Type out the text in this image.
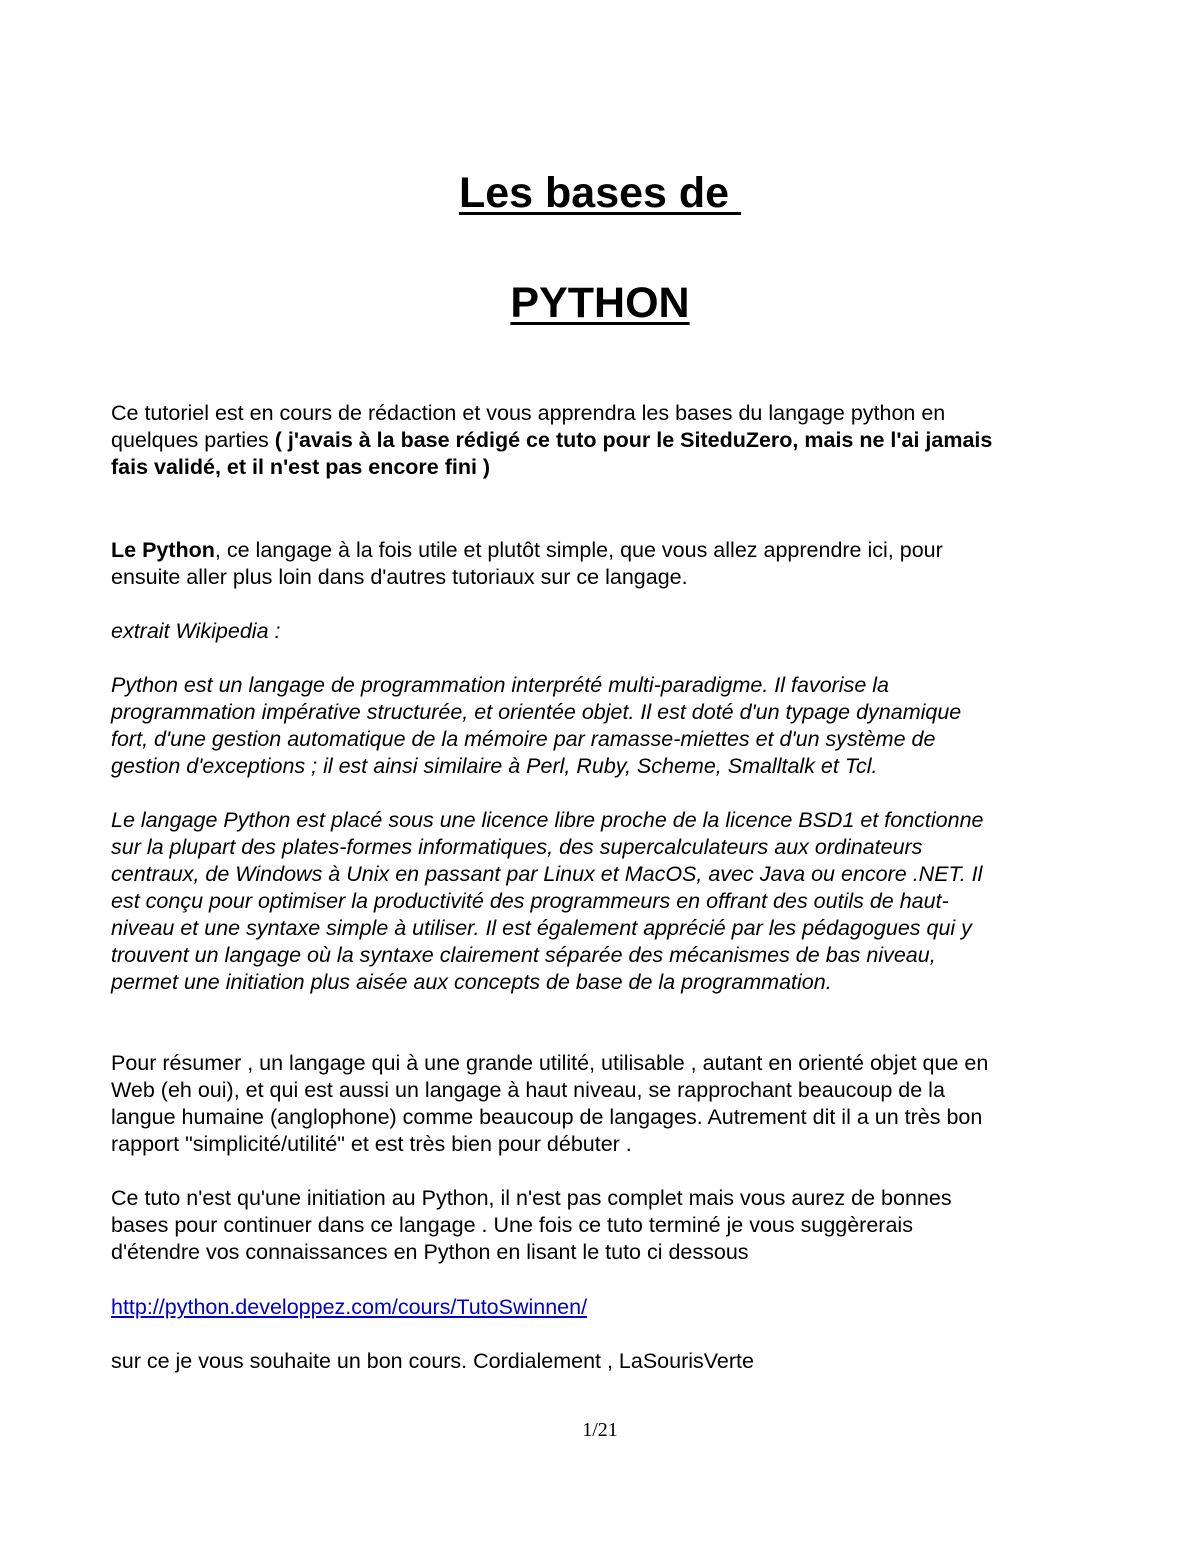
Les bases de
PYTHON

Ce tutoriel est en cours de rédaction et vous apprendra les bases du langage python en
quelques parties ( j'avais à la base rédigé ce tuto pour le SiteduZero, mais ne l'ai jamais
fais validé, et il n'est pas encore fini )

Le Python, ce langage à la fois utile et plutôt simple, que vous allez apprendre ici, pour
ensuite aller plus loin dans d'autres tutoriaux sur ce langage.

extrait Wikipedia :

Python est un langage de programmation interprété multi-paradigme. Il favorise la
programmation impérative structurée, et orientée objet. Il est doté d'un typage dynamique
fort, d'une gestion automatique de la mémoire par ramasse-miettes et d'un système de
gestion d'exceptions ; il est ainsi similaire à Perl, Ruby, Scheme, Smalltalk et Tcl.

Le langage Python est placé sous une licence libre proche de la licence BSD1 et fonctionne
sur la plupart des plates-formes informatiques, des supercalculateurs aux ordinateurs
centraux, de Windows à Unix en passant par Linux et MacOS, avec Java ou encore .NET. Il
est conçu pour optimiser la productivité des programmeurs en offrant des outils de haut-
niveau et une syntaxe simple à utiliser. Il est également apprécié par les pédagogues qui y
trouvent un langage où la syntaxe clairement séparée des mécanismes de bas niveau,
permet une initiation plus aisée aux concepts de base de la programmation.

Pour résumer , un langage qui à une grande utilité, utilisable , autant en orienté objet que en
Web (eh oui), et qui est aussi un langage à haut niveau, se rapprochant beaucoup de la
langue humaine (anglophone) comme beaucoup de langages. Autrement dit il a un très bon
rapport "simplicité/utilité" et est très bien pour débuter .

Ce tuto n'est qu'une initiation au Python, il n'est pas complet mais vous aurez de bonnes
bases pour continuer dans ce langage . Une fois ce tuto terminé je vous suggèrerais
d'étendre vos connaissances en Python en lisant le tuto ci dessous

http://python.developpez.com/cours/TutoSwinnen/

sur ce je vous souhaite un bon cours. Cordialement , LaSourisVerte

1/21
